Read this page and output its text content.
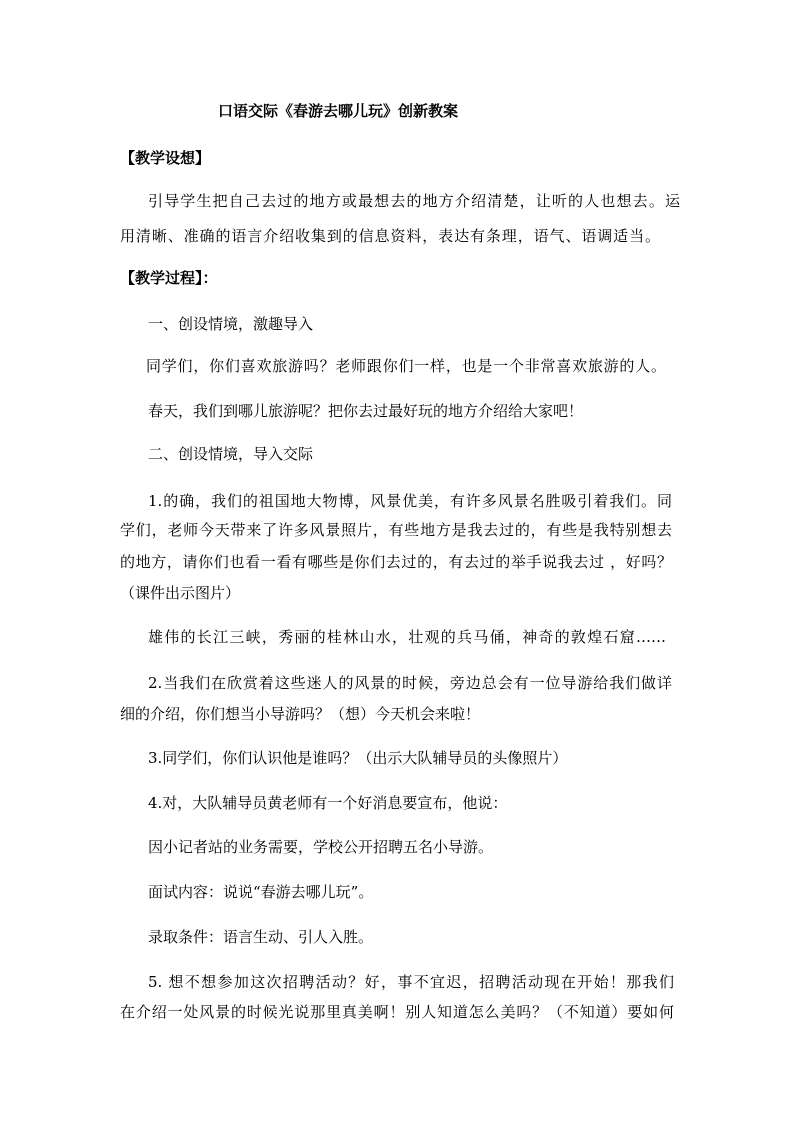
口语交际《春游去哪儿玩》创新教案

【教学设想】

引导学生把自己去过的地方或最想去的地方介绍清楚，让听的人也想去。运

用清晰、准确的语言介绍收集到的信息资料，表达有条理，语气、语调适当。

【教学过程】：

一、创设情境，激趣导入

同学们，你们喜欢旅游吗？老师跟你们一样，也是一个非常喜欢旅游的人。

春天，我们到哪儿旅游呢？把你去过最好玩的地方介绍给大家吧！

二、创设情境，导入交际

1.的确，我们的祖国地大物博，风景优美，有许多风景名胜吸引着我们。同

学们，老师今天带来了许多风景照片，有些地方是我去过的，有些是我特别想去

的地方，请你们也看一看有哪些是你们去过的，有去过的举手说我去过 ，好吗？

（课件出示图片）

雄伟的长江三峡，秀丽的桂林山水，壮观的兵马俑，神奇的敦煌石窟……

2.当我们在欣赏着这些迷人的风景的时候，旁边总会有一位导游给我们做详

细的介绍，你们想当小导游吗？（想）今天机会来啦！

3.同学们，你们认识他是谁吗？（出示大队辅导员的头像照片）

4.对，大队辅导员黄老师有一个好消息要宣布，他说：

因小记者站的业务需要，学校公开招聘五名小导游。

面试内容：说说“春游去哪儿玩”。

录取条件：语言生动、引人入胜。

5. 想不想参加这次招聘活动？好，事不宜迟，招聘活动现在开始！那我们

在介绍一处风景的时候光说那里真美啊！别人知道怎么美吗？（不知道）要如何
